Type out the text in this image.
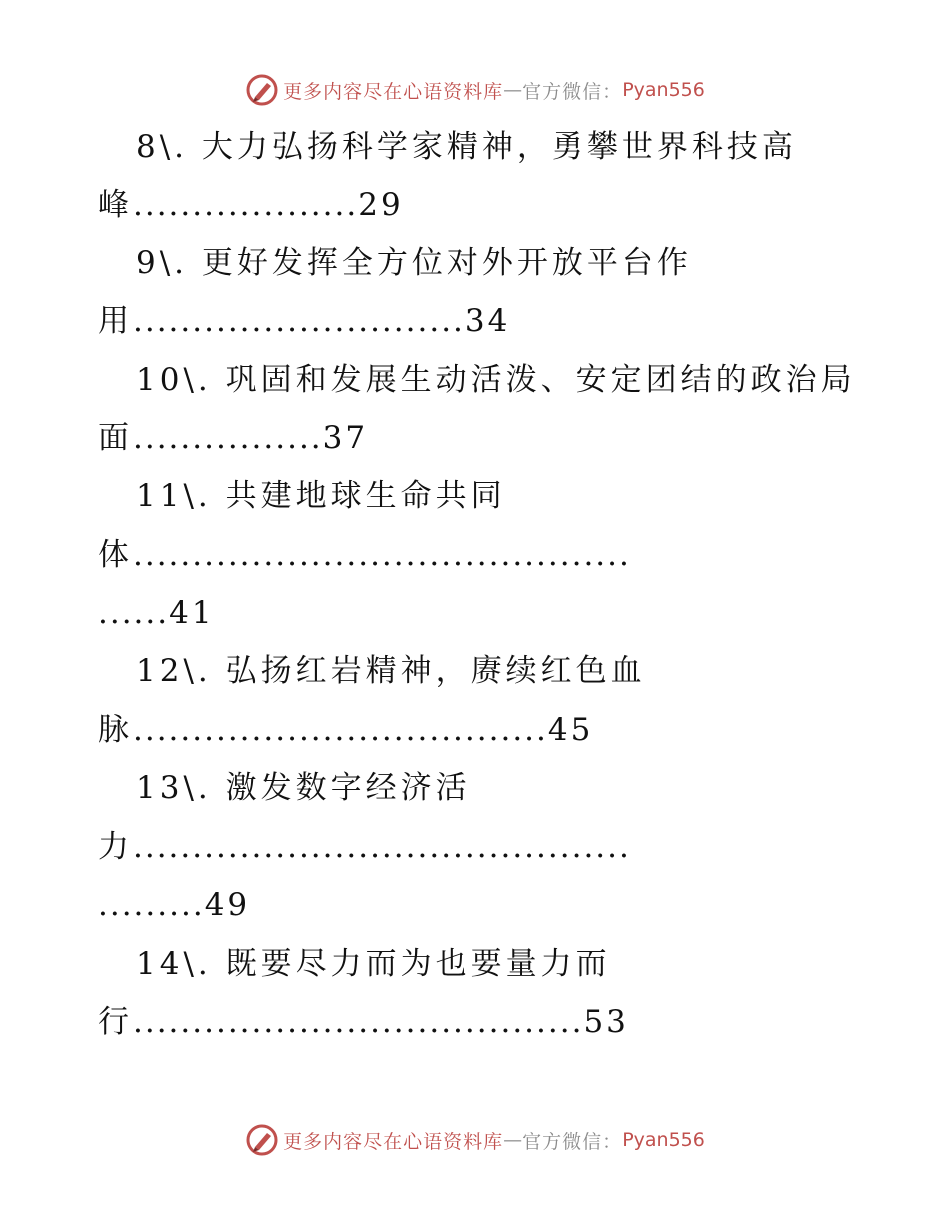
更多内容尽在心语资料库 — 官方微信： Pyan556
8\. 大力弘扬科学家精神，勇攀世界科技高
峰...................29
9\. 更好发挥全方位对外开放平台作
用............................34
10\. 巩固和发展生动活泼、安定团结的政治局
面................37
11\. 共建地球生命共同
体..........................................
......41
12\. 弘扬红岩精神，赓续红色血
脉...................................45
13\. 激发数字经济活
力..........................................
.........49
14\. 既要尽力而为也要量力而
行......................................53
更多内容尽在心语资料库 — 官方微信： Pyan556
